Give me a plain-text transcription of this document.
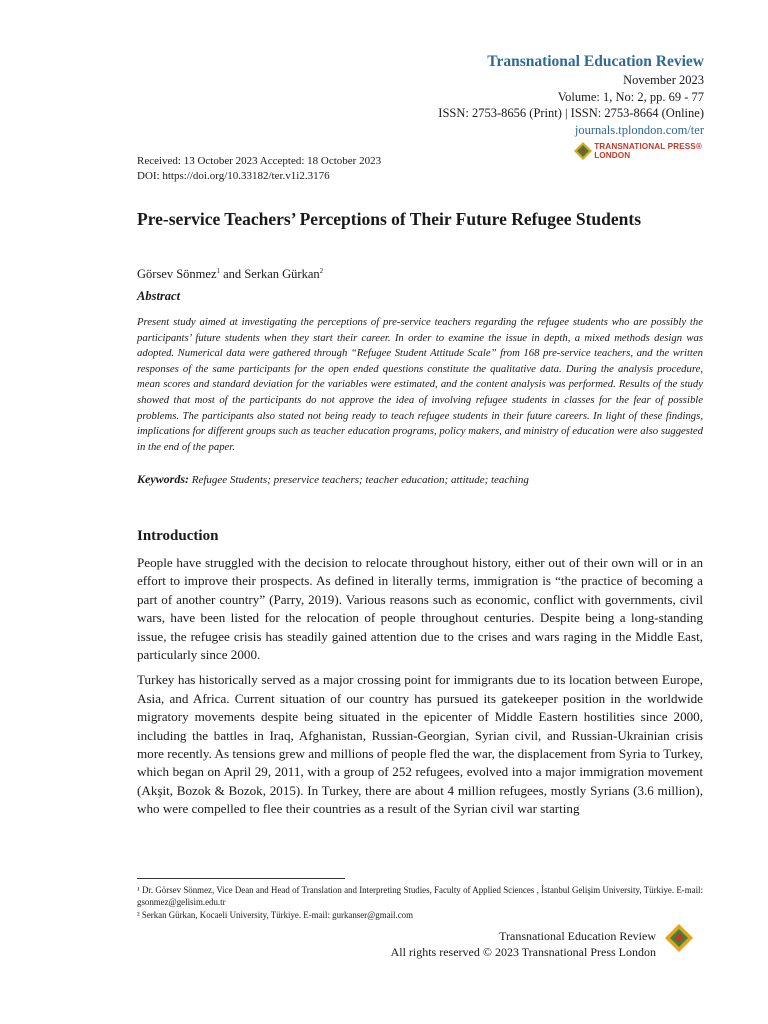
Transnational Education Review
November 2023
Volume: 1, No: 2, pp. 69 - 77
ISSN: 2753-8656 (Print) | ISSN: 2753-8664 (Online)
journals.tplondon.com/ter
TRANSNATIONAL PRESS®
LONDON
Received: 13 October 2023 Accepted: 18 October 2023
DOI: https://doi.org/10.33182/ter.v1i2.3176
Pre-service Teachers’ Perceptions of Their Future Refugee Students
Görsev Sönmez$^1$ and Serkan Gürkan$^2$
Abstract
Present study aimed at investigating the perceptions of pre-service teachers regarding the refugee students who are possibly the participants’ future students when they start their career. In order to examine the issue in depth, a mixed methods design was adopted. Numerical data were gathered through “Refugee Student Attitude Scale” from 168 pre-service teachers, and the written responses of the same participants for the open ended questions constitute the qualitative data. During the analysis procedure, mean scores and standard deviation for the variables were estimated, and the content analysis was performed. Results of the study showed that most of the participants do not approve the idea of involving refugee students in classes for the fear of possible problems. The participants also stated not being ready to teach refugee students in their future careers. In light of these findings, implications for different groups such as teacher education programs, policy makers, and ministry of education were also suggested in the end of the paper.
Keywords: Refugee Students; preservice teachers; teacher education; attitude; teaching
Introduction

People have struggled with the decision to relocate throughout history, either out of their own will or in an effort to improve their prospects. As defined in literally terms, immigration is “the practice of becoming a part of another country” (Parry, 2019). Various reasons such as economic, conflict with governments, civil wars, have been listed for the relocation of people throughout centuries. Despite being a long-standing issue, the refugee crisis has steadily gained attention due to the crises and wars raging in the Middle East, particularly since 2000.

Turkey has historically served as a major crossing point for immigrants due to its location between Europe, Asia, and Africa. Current situation of our country has pursued its gatekeeper position in the worldwide migratory movements despite being situated in the epicenter of Middle Eastern hostilities since 2000, including the battles in Iraq, Afghanistan, Russian-Georgian, Syrian civil, and Russian-Ukrainian crisis more recently. As tensions grew and millions of people fled the war, the displacement from Syria to Turkey, which began on April 29, 2011, with a group of 252 refugees, evolved into a major immigration movement (Akşit, Bozok & Bozok, 2015). In Turkey, there are about 4 million refugees, mostly Syrians (3.6 million), who were compelled to flee their countries as a result of the Syrian civil war starting

¹ Dr. Görsev Sönmez, Vice Dean and Head of Translation and Interpreting Studies, Faculty of Applied Sciences , İstanbul Gelişim University, Türkiye. E-mail: gsonmez@gelisim.edu.tr

² Serkan Gürkan, Kocaeli University, Türkiye. E-mail: gurkanser@gmail.com

Transnational Education Review
All rights reserved © 2023 Transnational Press London
